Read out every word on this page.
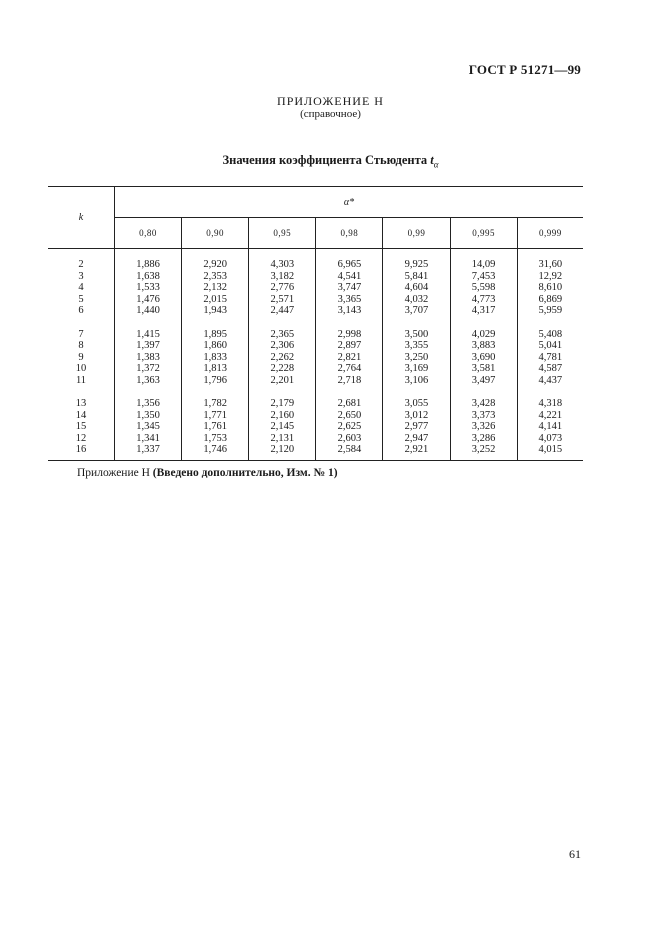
ГОСТ Р 51271—99
ПРИЛОЖЕНИЕ Н
(справочное)
Значения коэффициента Стьюдента $t_\alpha$
k	α*						
	0,80	0,90	0,95	0,98	0,99	0,995	0,999
2	1,886	2,920	4,303	6,965	9,925	14,09	31,60
3	1,638	2,353	3,182	4,541	5,841	7,453	12,92
4	1,533	2,132	2,776	3,747	4,604	5,598	8,610
5	1,476	2,015	2,571	3,365	4,032	4,773	6,869
6	1,440	1,943	2,447	3,143	3,707	4,317	5,959

7	1,415	1,895	2,365	2,998	3,500	4,029	5,408
8	1,397	1,860	2,306	2,897	3,355	3,883	5,041
9	1,383	1,833	2,262	2,821	3,250	3,690	4,781
10	1,372	1,813	2,228	2,764	3,169	3,581	4,587
11	1,363	1,796	2,201	2,718	3,106	3,497	4,437

13	1,356	1,782	2,179	2,681	3,055	3,428	4,318
14	1,350	1,771	2,160	2,650	3,012	3,373	4,221
15	1,345	1,761	2,145	2,625	2,977	3,326	4,141
12	1,341	1,753	2,131	2,603	2,947	3,286	4,073
16	1,337	1,746	2,120	2,584	2,921	3,252	4,015
Приложение Н (Введено дополнительно, Изм. № 1)
61
